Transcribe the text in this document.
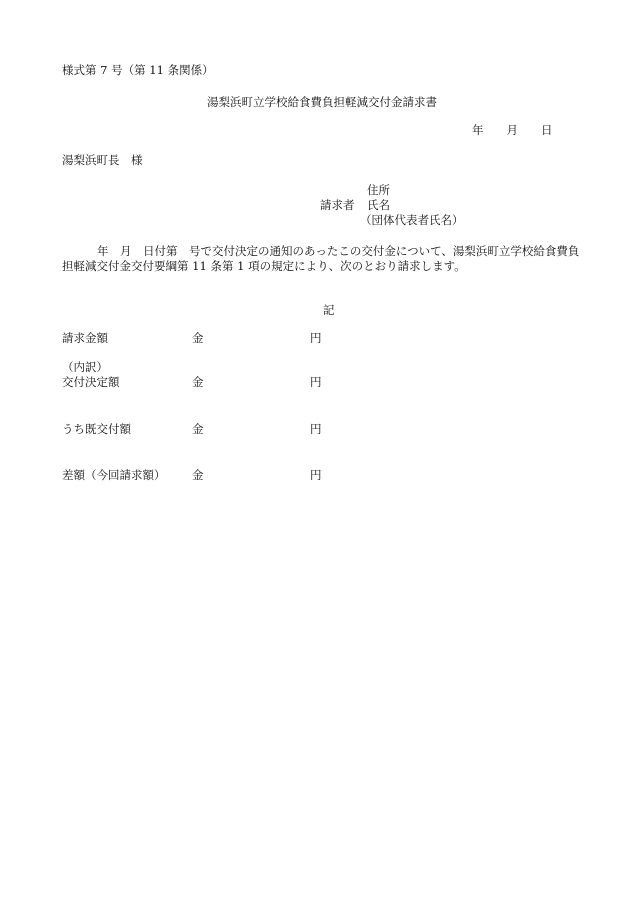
様式第 7 号（第 11 条関係）
湯梨浜町立学校給食費負担軽減交付金請求書
年　　月　　日
湯梨浜町長　様
住所
請求者 氏名
（団体代表者氏名）
年　月　日付第　号で交付決定の通知のあったこの交付金について、湯梨浜町立学校給食費負
担軽減交付金交付要綱第 11 条第 1 項の規定により、次のとおり請求します。
記
請求金額	金	円
（内訳）
交付決定額	金	円
うち既交付額	金	円
差額（今回請求額） 金	円
